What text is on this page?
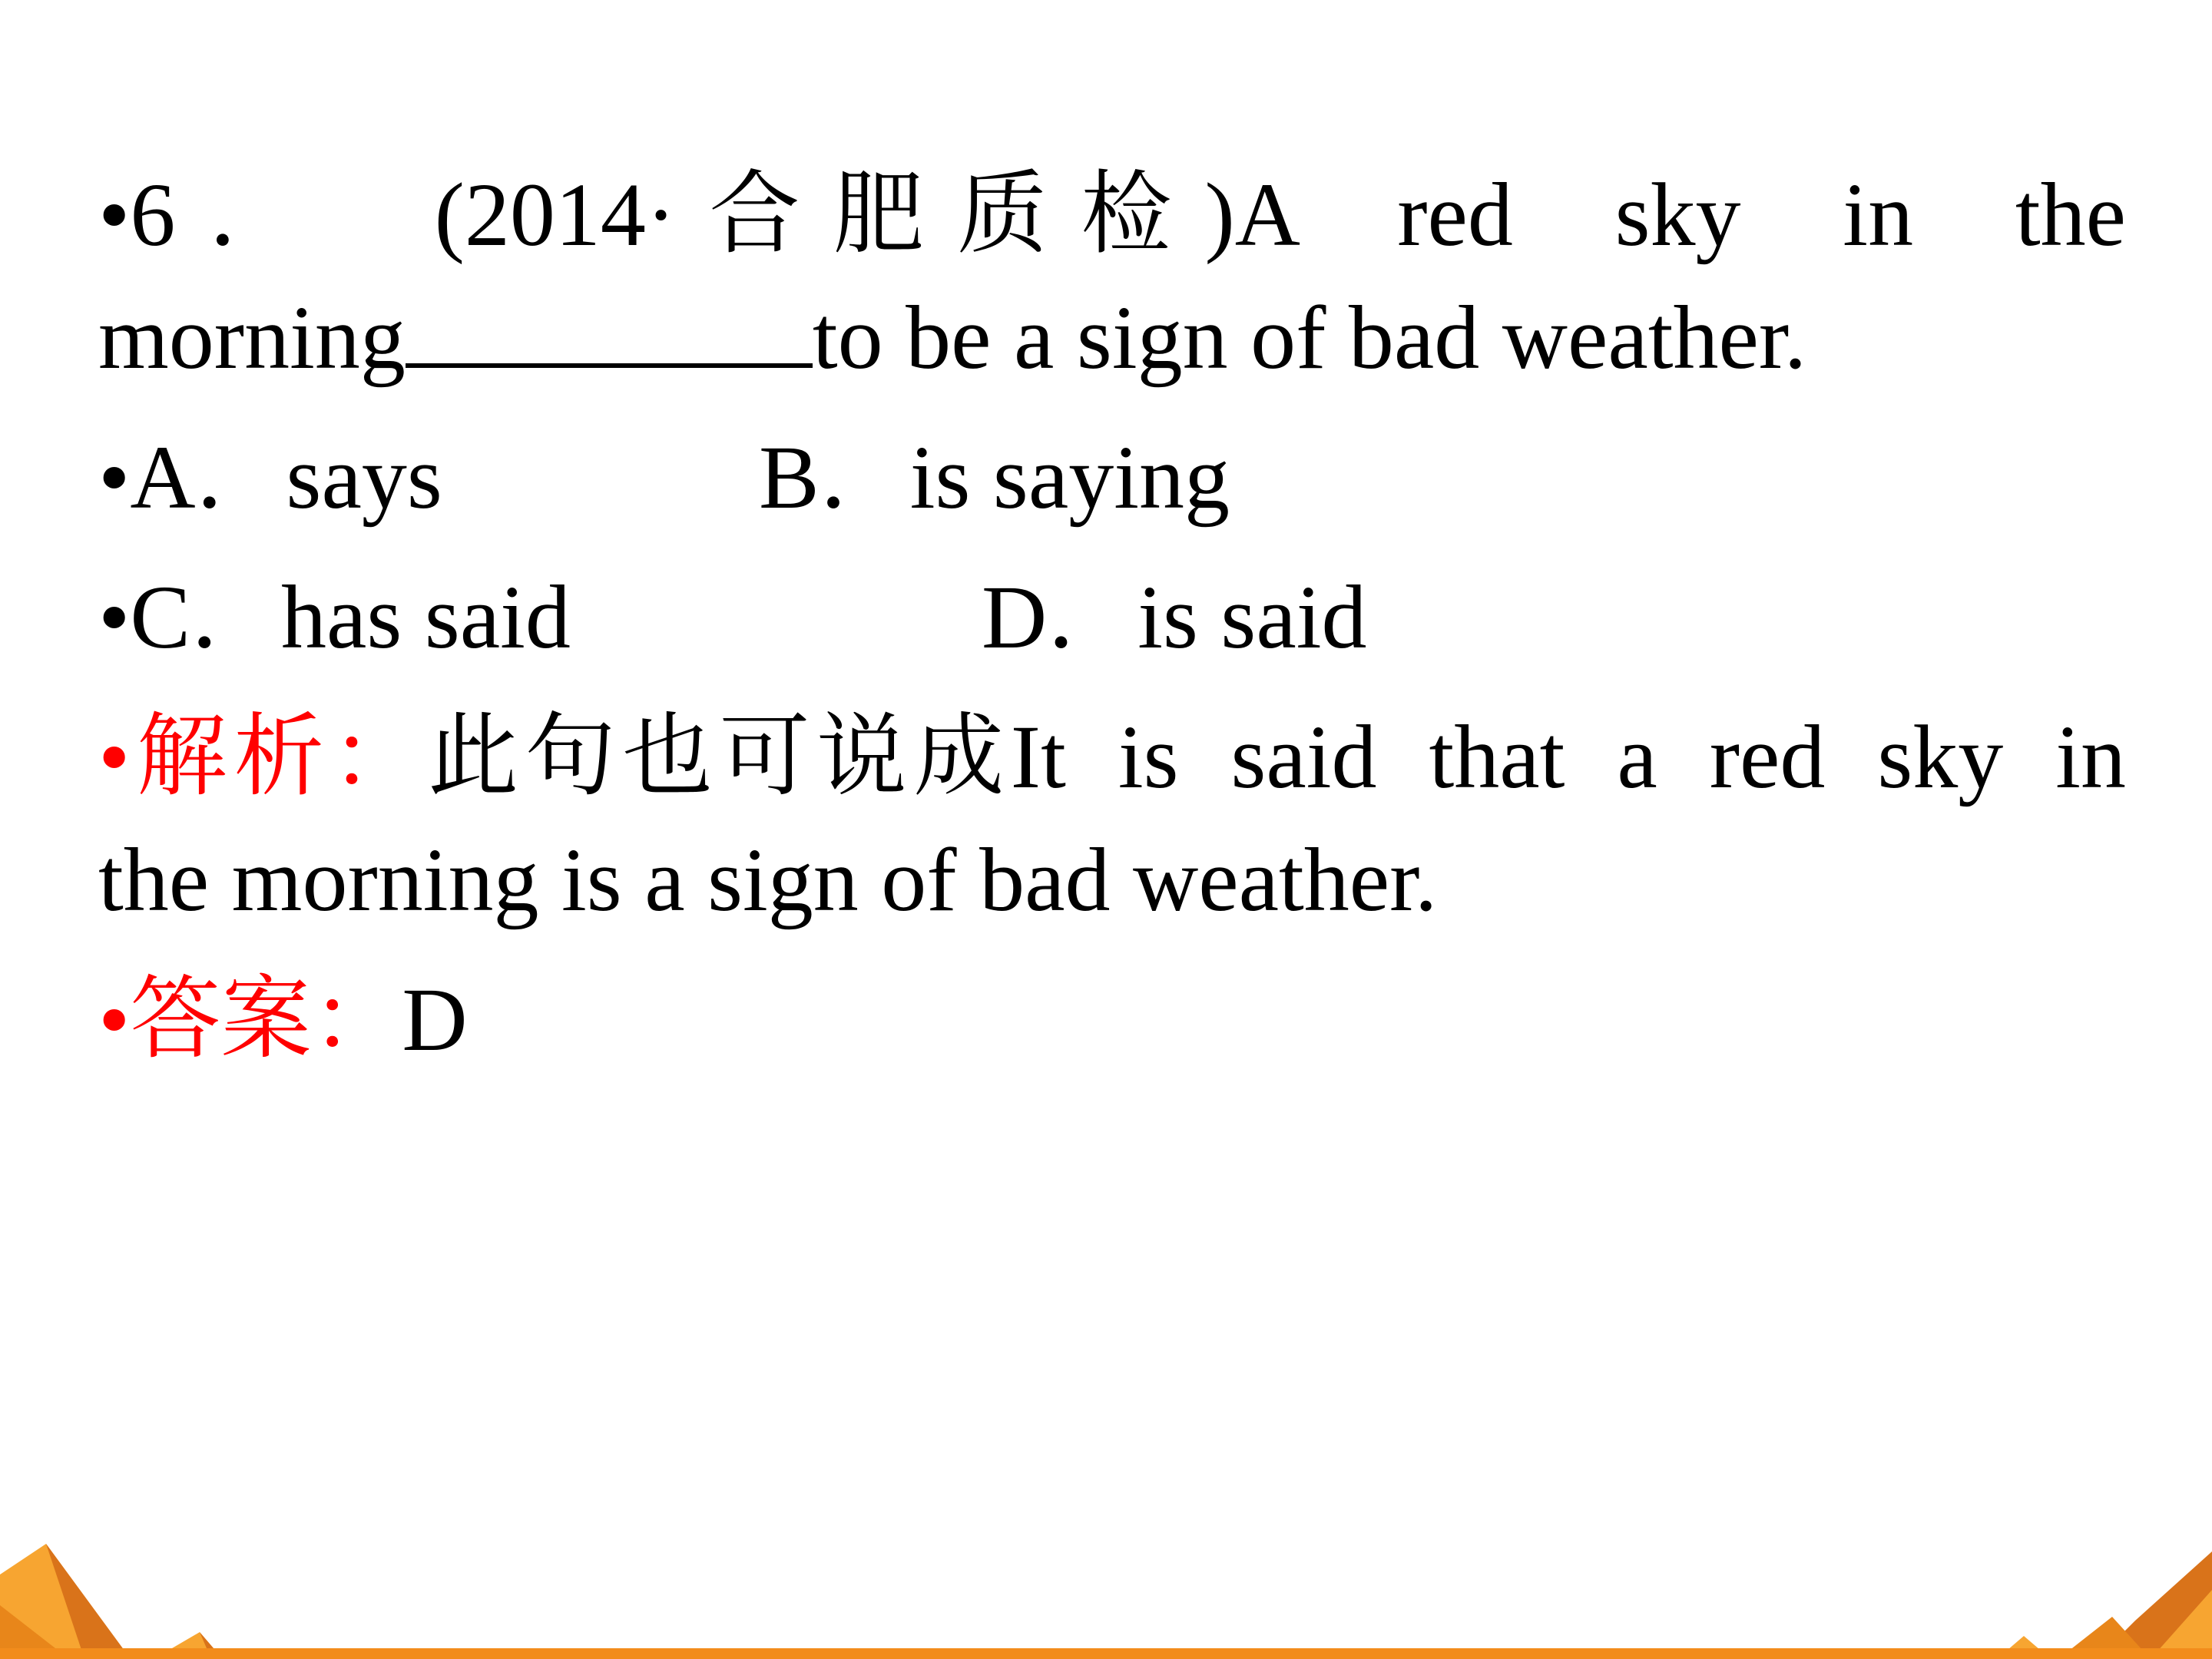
•6． (2014·合肥质检)A red sky in the

morning	to be a sign of bad weather.

•A．says	B．is saying
•C．has said	D．is said

•解析：此句也可说成It is said that a red sky in

the morning is a sign of bad weather.

•答案：D
